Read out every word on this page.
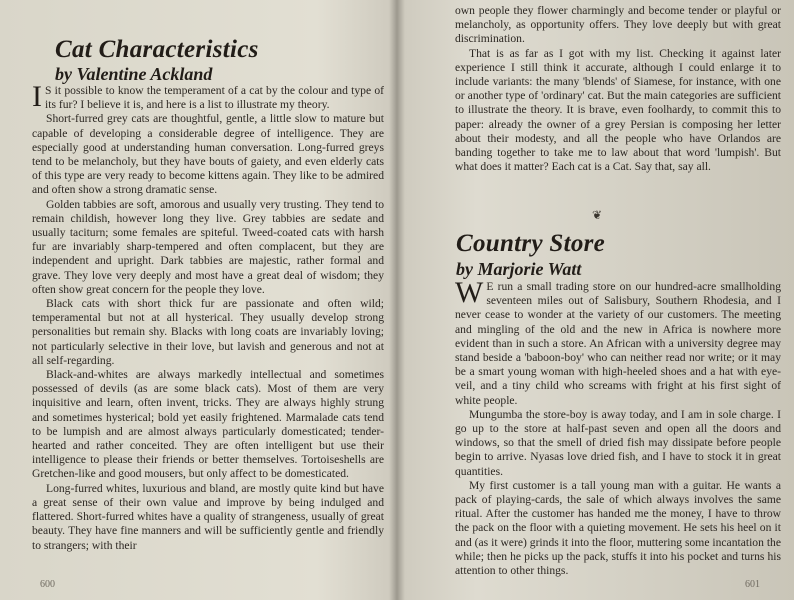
Cat Characteristics
by Valentine Ackland

I S it possible to know the temperament of a cat by the colour and type of its fur? I believe it is, and here is a list to illustrate my theory.

Short-furred grey cats are thoughtful, gentle, a little slow to mature but capable of developing a considerable degree of intelligence. They are especially good at understanding human conversation. Long-furred greys tend to be melancholy, but they have bouts of gaiety, and even elderly cats of this type are very ready to become kittens again. They like to be admired and often show a strong dramatic sense.

Golden tabbies are soft, amorous and usually very trusting. They tend to remain childish, however long they live. Grey tabbies are sedate and usually taciturn; some females are spiteful. Tweed-coated cats with harsh fur are invariably sharp-tempered and often complacent, but they are independent and upright. Dark tabbies are majestic, rather formal and grave. They love very deeply and most have a great deal of wisdom; they often show great concern for the people they love.

Black cats with short thick fur are passionate and often wild; temperamental but not at all hysterical. They usually develop strong personalities but remain shy. Blacks with long coats are invariably loving; not particularly selective in their love, but lavish and generous and not at all self-regarding.

Black-and-whites are always markedly intellectual and sometimes possessed of devils (as are some black cats). Most of them are very inquisitive and learn, often invent, tricks. They are always highly strung and sometimes hysterical; bold yet easily frightened. Marmalade cats tend to be lumpish and are almost always particularly domesticated; tender-hearted and rather conceited. They are often intelligent but use their intelligence to please their friends or better themselves. Tortoiseshells are Gretchen-like and good mousers, but only affect to be domesticated.

Long-furred whites, luxurious and bland, are mostly quite kind but have a great sense of their own value and improve by being indulged and flattered. Short-furred whites have a quality of strangeness, usually of great beauty. They have fine manners and will be sufficiently gentle and friendly to strangers; with their

600

own people they flower charmingly and become tender or playful or melancholy, as opportunity offers. They love deeply but with great discrimination.

That is as far as I got with my list. Checking it against later experience I still think it accurate, although I could enlarge it to include variants: the many 'blends' of Siamese, for instance, with one or another type of 'ordinary' cat. But the main categories are sufficient to illustrate the theory. It is brave, even foolhardy, to commit this to paper: already the owner of a grey Persian is composing her letter about their modesty, and all the people who have Orlandos are banding together to take me to law about that word 'lumpish'. But what does it matter? Each cat is a Cat. Say that, say all.

❦
Country Store
by Marjorie Watt

W E run a small trading store on our hundred-acre smallholding seventeen miles out of Salisbury, Southern Rhodesia, and I never cease to wonder at the variety of our customers. The meeting and mingling of the old and the new in Africa is nowhere more evident than in such a store. An African with a university degree may stand beside a 'baboon-boy' who can neither read nor write; or it may be a smart young woman with high-heeled shoes and a hat with eye-veil, and a tiny child who screams with fright at his first sight of white people.

Mungumba the store-boy is away today, and I am in sole charge. I go up to the store at half-past seven and open all the doors and windows, so that the smell of dried fish may dissipate before people begin to arrive. Nyasas love dried fish, and I have to stock it in great quantities.

My first customer is a tall young man with a guitar. He wants a pack of playing-cards, the sale of which always involves the same ritual. After the customer has handed me the money, I have to throw the pack on the floor with a quieting movement. He sets his heel on it and (as it were) grinds it into the floor, muttering some incantation the while; then he picks up the pack, stuffs it into his pocket and turns his attention to other things.

601
